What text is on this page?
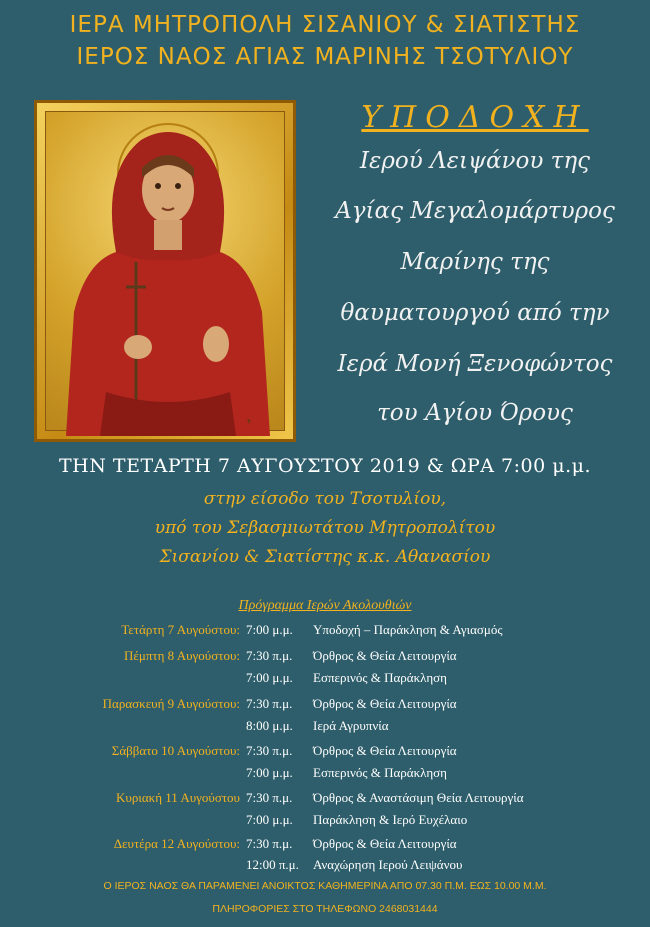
ΙΕΡΑ ΜΗΤΡΟΠΟΛΗ ΣΙΣΑΝΙΟΥ & ΣΙΑΤΙΣΤΗΣ
ΙΕΡΟΣ ΝΑΟΣ ΑΓΙΑΣ ΜΑΡΙΝΗΣ ΤΣΟΤΥΛΙΟΥ
✝
ΥΠΟΔΟΧΗ
Ιερού Λειψάνου της
Αγίας Μεγαλομάρτυρος
Μαρίνης της
θαυματουργού από την
Ιερά Μονή Ξενοφώντος
του Αγίου Όρους
ΤΗΝ ΤΕΤΑΡΤΗ 7 ΑΥΓΟΥΣΤΟΥ 2019 & ΩΡΑ 7:00 μ.μ.
στην είσοδο του Τσοτυλίου,
υπό του Σεβασμιωτάτου Μητροπολίτου
Σισανίου & Σιατίστης κ.κ. Αθανασίου
Πρόγραμμα Ιερών Ακολουθιών
Τετάρτη 7 Αυγούστου: 7:00 μ.μ. Υποδοχή – Παράκληση & Αγιασμός
Πέμπτη 8 Αυγούστου: 7:30 π.μ. Όρθρος & Θεία Λειτουργία
7:00 μ.μ. Εσπερινός & Παράκληση
Παρασκευή 9 Αυγούστου: 7:30 π.μ. Όρθρος & Θεία Λειτουργία
8:00 μ.μ. Ιερά Αγρυπνία
Σάββατο 10 Αυγούστου: 7:30 π.μ. Όρθρος & Θεία Λειτουργία
7:00 μ.μ. Εσπερινός & Παράκληση
Κυριακή 11 Αυγούστου 7:30 π.μ. Όρθρος & Αναστάσιμη Θεία Λειτουργία
7:00 μ.μ. Παράκληση & Ιερό Ευχέλαιο
Δευτέρα 12 Αυγούστου: 7:30 π.μ. Όρθρος & Θεία Λειτουργία
12:00 π.μ. Αναχώρηση Ιερού Λειψάνου
Ο ΙΕΡΟΣ ΝΑΟΣ ΘΑ ΠΑΡΑΜΕΝΕΙ ΑΝΟΙΚΤΟΣ ΚΑΘΗΜΕΡΙΝΑ ΑΠΟ 07.30 Π.Μ. ΕΩΣ 10.00 Μ.Μ.
ΠΛΗΡΟΦΟΡΙΕΣ ΣΤΟ ΤΗΛΕΦΩΝΟ 2468031444
